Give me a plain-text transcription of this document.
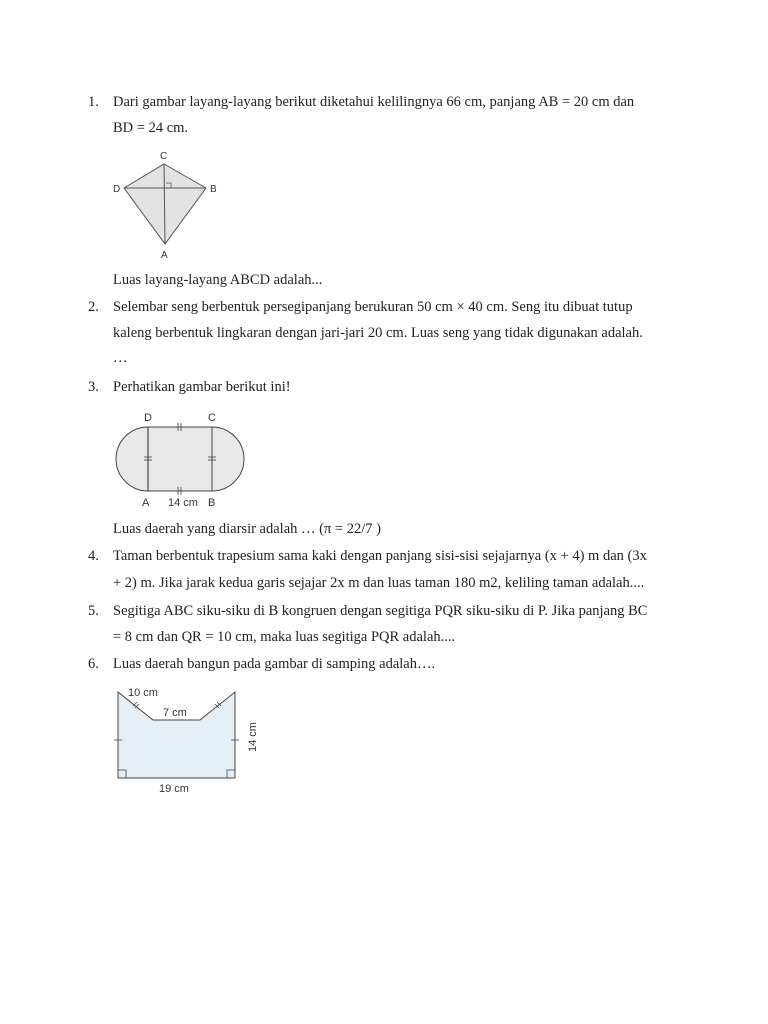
1. Dari gambar layang-layang berikut diketahui kelilingnya 66 cm, panjang AB = 20 cm dan
BD = 24 cm.
C
D	B
A
Luas layang-layang ABCD adalah...
2. Selembar seng berbentuk persegipanjang berukuran 50 cm × 40 cm. Seng itu dibuat tutup
kaleng berbentuk lingkaran dengan jari-jari 20 cm. Luas seng yang tidak digunakan adalah.
…
3. Perhatikan gambar berikut ini!
D	C
A 14 cm B
Luas daerah yang diarsir adalah … (π = 22/7 )
4. Taman berbentuk trapesium sama kaki dengan panjang sisi-sisi sejajarnya (x + 4) m dan (3x
+ 2) m. Jika jarak kedua garis sejajar 2x m dan luas taman 180 m2, keliling taman adalah....
5. Segitiga ABC siku-siku di B kongruen dengan segitiga PQR siku-siku di P. Jika panjang BC
= 8 cm dan QR = 10 cm, maka luas segitiga PQR adalah....
6. Luas daerah bangun pada gambar di samping adalah….
10 cm
7 cm
14 cm
19 cm
